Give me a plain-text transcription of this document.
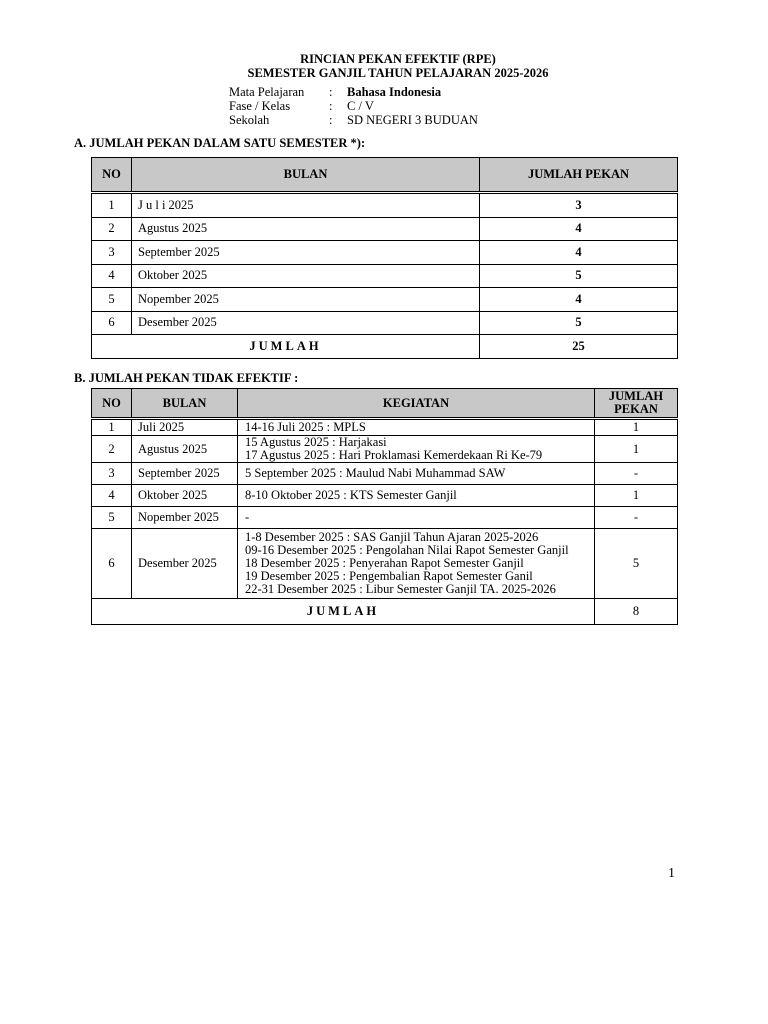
RINCIAN PEKAN EFEKTIF (RPE)
SEMESTER GANJIL TAHUN PELAJARAN 2025-2026
Mata Pelajaran : Bahasa Indonesia
Fase / Kelas	: C / V
Sekolah	: SD NEGERI 3 BUDUAN
A. JUMLAH PEKAN DALAM SATU SEMESTER *):
NO	BULAN	JUMLAH PEKAN
1	J u l i 2025	3
2	Agustus 2025	4
3	September 2025	4
4	Oktober 2025	5
5	Nopember 2025	4
6	Desember 2025	5
JUMLAH		25
B. JUMLAH PEKAN TIDAK EFEKTIF :
NO	BULAN	KEGIATAN	JUMLAH
PEKAN
1	Juli 2025	14-16 Juli 2025 : MPLS	1
2	Agustus 2025	15 Agustus 2025 : Harjakasi
17 Agustus 2025 : Hari Proklamasi Kemerdekaan Ri Ke-79	1
3	September 2025	5 September 2025 : Maulud Nabi Muhammad SAW	-
4	Oktober 2025	8-10 Oktober 2025 : KTS Semester Ganjil	1
5	Nopember 2025	-	-
6	Desember 2025	1-8 Desember 2025 : SAS Ganjil Tahun Ajaran 2025-2026
09-16 Desember 2025 : Pengolahan Nilai Rapot Semester Ganjil
18 Desember 2025 : Penyerahan Rapot Semester Ganjil
19 Desember 2025 : Pengembalian Rapot Semester Ganil
22-31 Desember 2025 : Libur Semester Ganjil TA. 2025-2026	5
JUMLAH			8
1
